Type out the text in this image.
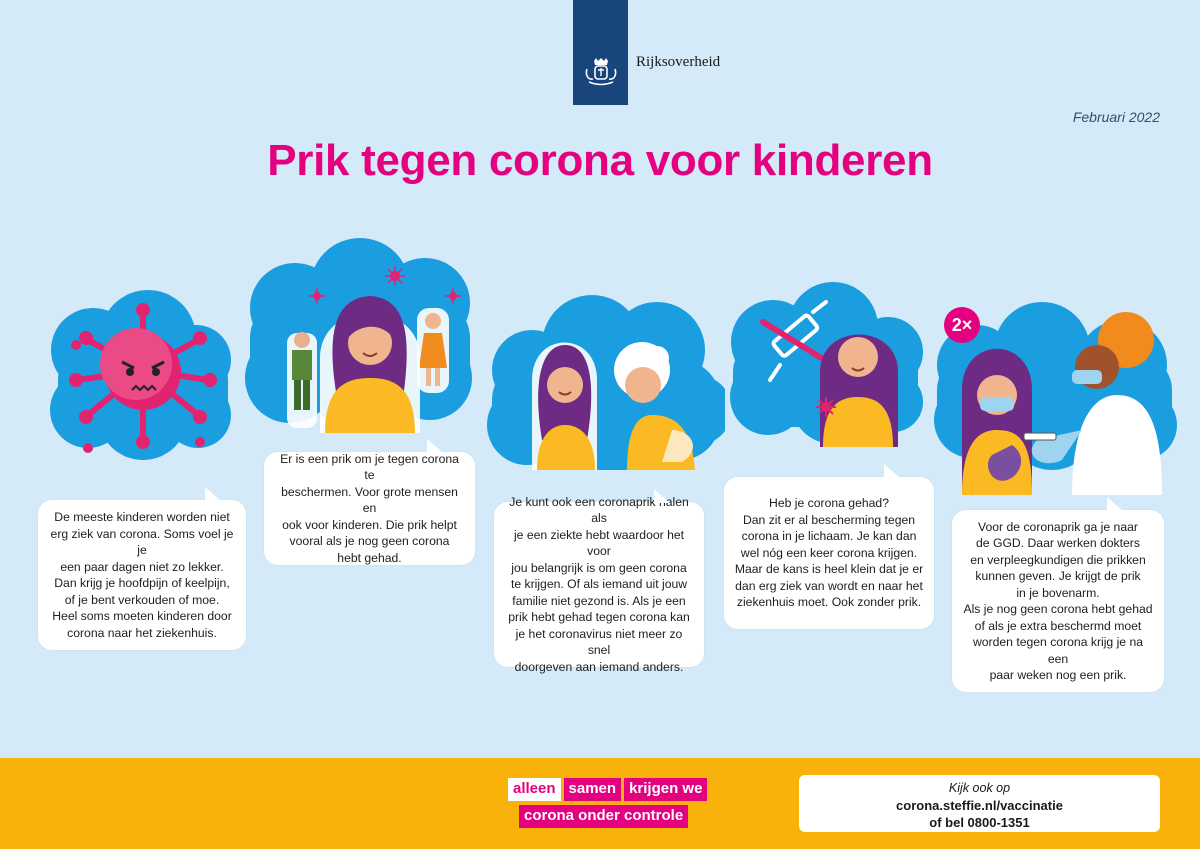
Rijksoverheid
Februari 2022
Prik tegen corona voor kinderen

De meeste kinderen worden niet
erg ziek van corona. Soms voel je je
een paar dagen niet zo lekker.
Dan krijg je hoofdpijn of keelpijn,
of je bent verkouden of moe.
Heel soms moeten kinderen door
corona naar het ziekenhuis.

Er is een prik om je tegen corona te
beschermen. Voor grote mensen en
ook voor kinderen. Die prik helpt
vooral als je nog geen corona
hebt gehad.

Je kunt ook een coronaprik halen als
je een ziekte hebt waardoor het voor
jou belangrijk is om geen corona
te krijgen. Of als iemand uit jouw
familie niet gezond is. Als je een
prik hebt gehad tegen corona kan
je het coronavirus niet meer zo snel
doorgeven aan iemand anders.

Heb je corona gehad?
Dan zit er al bescherming tegen
corona in je lichaam. Je kan dan
wel nóg een keer corona krijgen.
Maar de kans is heel klein dat je er
dan erg ziek van wordt en naar het
ziekenhuis moet. Ook zonder prik.

2×

Voor de coronaprik ga je naar
de GGD. Daar werken dokters
en verpleegkundigen die prikken
kunnen geven. Je krijgt de prik
in je bovenarm.
Als je nog geen corona hebt gehad
of als je extra beschermd moet
worden tegen corona krijg je na een
paar weken nog een prik.

alleen samen krijgen we
corona onder controle
Kijk ook op
corona.steffie.nl/vaccinatie
of bel 0800-1351
